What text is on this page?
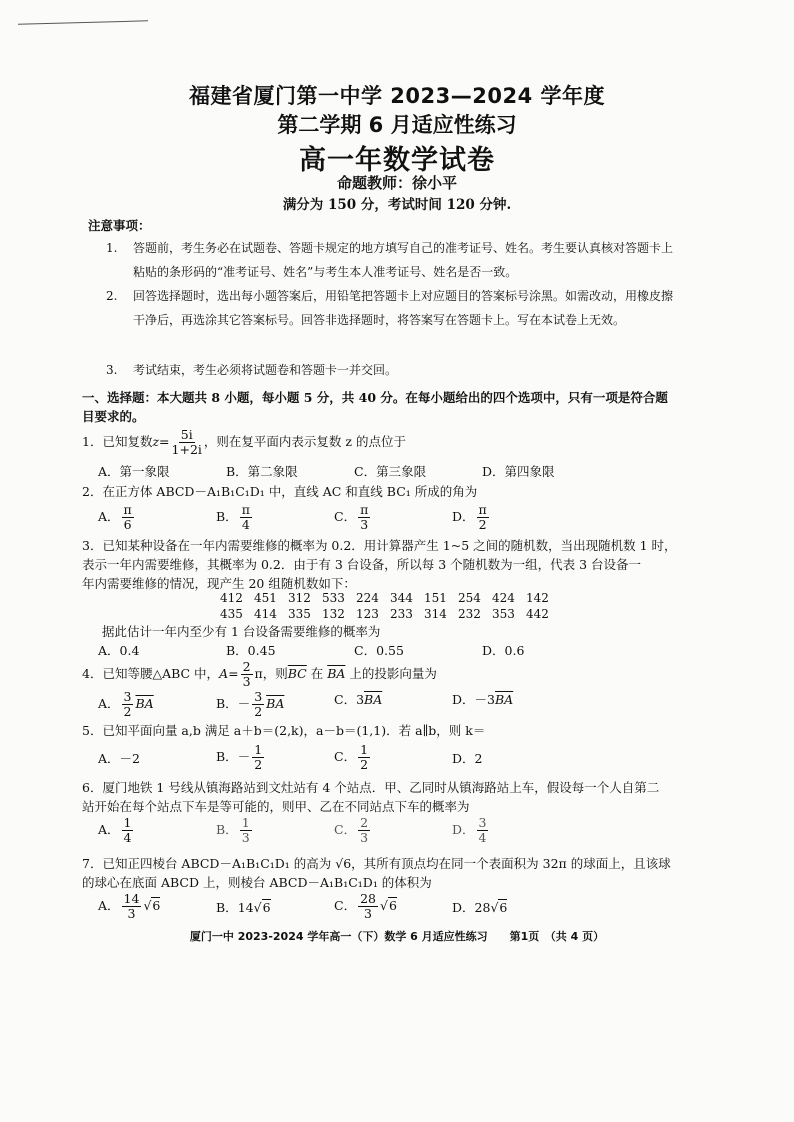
福建省厦门第一中学 2023—2024 学年度
第二学期 6 月适应性练习
高一年数学试卷
命题教师：徐小平
满分为 150 分，考试时间 120 分钟.
注意事项：
1. 答题前，考生务必在试题卷、答题卡规定的地方填写自己的准考证号、姓名。考生要认真核对答题卡上粘贴的条形码的“准考证号、姓名”与考生本人准考证号、姓名是否一致。
2. 回答选择题时，选出每小题答案后，用铅笔把答题卡上对应题目的答案标号涂黑。如需改动，用橡皮擦干净后，再选涂其它答案标号。回答非选择题时，将答案写在答题卡上。写在本试卷上无效。
3. 考试结束，考生必须将试题卷和答题卡一并交回。
一、选择题：本大题共 8 小题，每小题 5 分，共 40 分。在每小题给出的四个选项中，只有一项是符合题目要求的。
1．已知复数$z= \frac{5i}{1+2i}$ ，则在复平面内表示复数 z 的点位于
A．第一象限	B．第二象限	C．第三象限	D．第四象限
2．在正方体 ABCD－A₁B₁C₁D₁ 中，直线 AC 和直线 BC₁ 所成的角为
A． $\frac{\pi}{6}$	B． $\frac{\pi}{4}$	C． $\frac{\pi}{3}$	D． $\frac{\pi}{2}$
3．已知某种设备在一年内需要维修的概率为 0.2．用计算器产生 1~5 之间的随机数，当出现随机数 1 时，
表示一年内需要维修，其概率为 0.2．由于有 3 台设备，所以每 3 个随机数为一组，代表 3 台设备一
年内需要维修的情况，现产生 20 组随机数如下：
412 451 312 533 224 344 151 254 424 142
435 414 335 132 123 233 314 232 353 442
据此估计一年内至少有 1 台设备需要维修的概率为
A．0.4	B．0.45	C．0.55	D．0.6
4．已知等腰△ABC 中，$A= \frac{2}{3}$ π，则$\overline{BC}$ 在 $\overline{BA}$ 上的投影向量为
A． $\frac{3}{2} \overline{BA}$	B．－ $\frac{3}{2} \overline{BA}$	C．$3\overline{BA}$	D．$-3\overline{BA}$
5．已知平面向量 a,b 满足 a＋b＝(2,k)，a－b＝(1,1)．若 a∥b，则 k＝
A．－2	B．－ $\frac{1}{2}$	C． $\frac{1}{2}$	D．2
6．厦门地铁 1 号线从镇海路站到文灶站有 4 个站点．甲、乙同时从镇海路站上车，假设每一个人自第二
站开始在每个站点下车是等可能的，则甲、乙在不同站点下车的概率为
A． $\frac{1}{4}$	B． $\frac{1}{3}$	C． $\frac{2}{3}$	D． $\frac{3}{4}$
7．已知正四棱台 ABCD－A₁B₁C₁D₁ 的高为 √6，其所有顶点均在同一个表面积为 32π 的球面上，且该球
的球心在底面 ABCD 上，则棱台 ABCD－A₁B₁C₁D₁ 的体积为
A． $\frac{14}{3} √6$	B．14√6	C． $\frac{28}{3} √6$	D．28√6
厦门一中 2023-2024 学年高一（下）数学 6 月适应性练习　　第1页　（共 4 页）
